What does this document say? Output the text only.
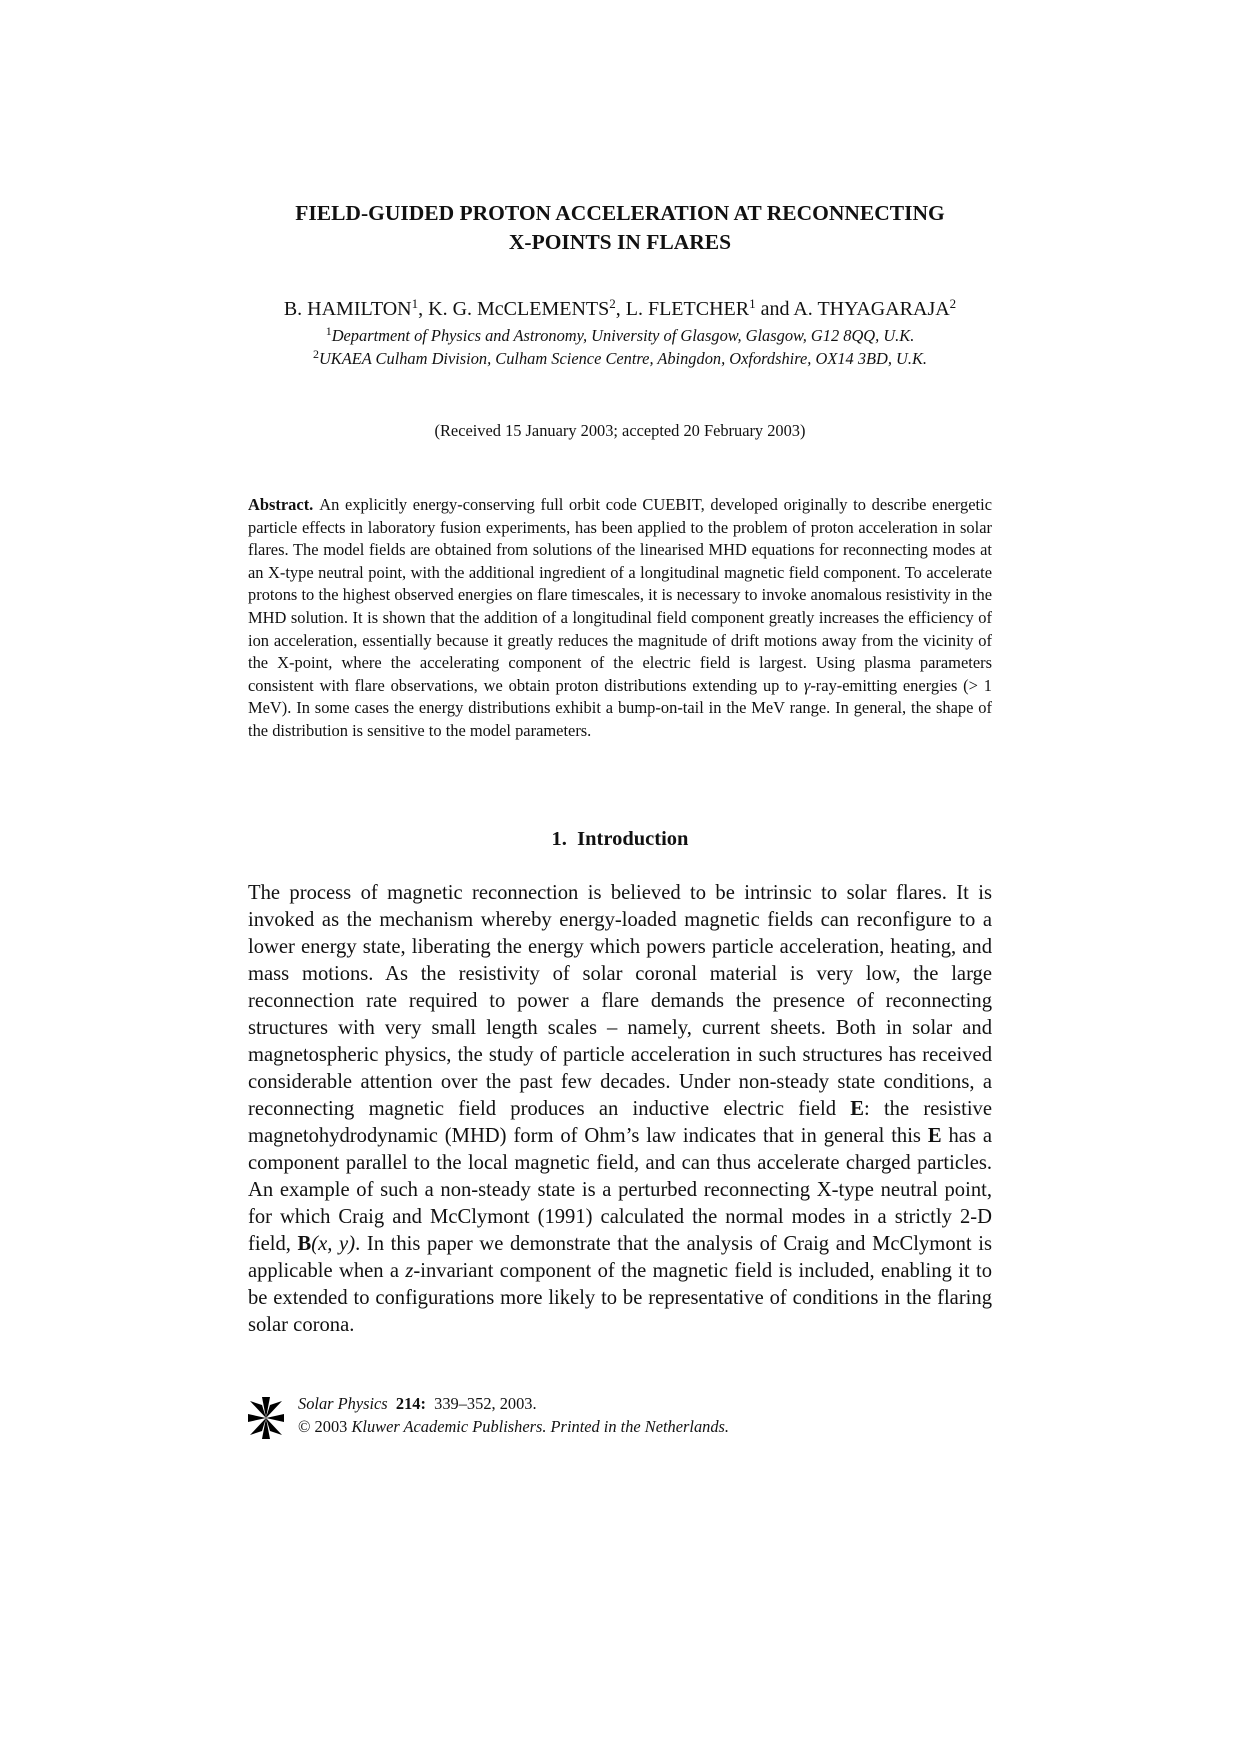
FIELD-GUIDED PROTON ACCELERATION AT RECONNECTING
X-POINTS IN FLARES
B. HAMILTON$^1$, K. G. McCLEMENTS$^2$, L. FLETCHER$^1$ and A. THYAGARAJA$^2$
$^1$Department of Physics and Astronomy, University of Glasgow, Glasgow, G12 8QQ, U.K.
$^2$UKAEA Culham Division, Culham Science Centre, Abingdon, Oxfordshire, OX14 3BD, U.K.
(Received 15 January 2003; accepted 20 February 2003)
Abstract. An explicitly energy-conserving full orbit code CUEBIT, developed originally to describe energetic particle effects in laboratory fusion experiments, has been applied to the problem of proton acceleration in solar flares. The model fields are obtained from solutions of the linearised MHD equations for reconnecting modes at an X-type neutral point, with the additional ingredient of a longitudinal magnetic field component. To accelerate protons to the highest observed energies on flare timescales, it is necessary to invoke anomalous resistivity in the MHD solution. It is shown that the addition of a longitudinal field component greatly increases the efficiency of ion acceleration, essentially because it greatly reduces the magnitude of drift motions away from the vicinity of the X-point, where the accelerating component of the electric field is largest. Using plasma parameters consistent with flare observations, we obtain proton distributions extending up to γ-ray-emitting energies (> 1 MeV). In some cases the energy distributions exhibit a bump-on-tail in the MeV range. In general, the shape of the distribution is sensitive to the model parameters.
1. Introduction
The process of magnetic reconnection is believed to be intrinsic to solar flares. It is invoked as the mechanism whereby energy-loaded magnetic fields can reconfigure to a lower energy state, liberating the energy which powers particle acceleration, heating, and mass motions. As the resistivity of solar coronal material is very low, the large reconnection rate required to power a flare demands the presence of reconnecting structures with very small length scales – namely, current sheets. Both in solar and magnetospheric physics, the study of particle acceleration in such structures has received considerable attention over the past few decades. Under non-steady state conditions, a reconnecting magnetic field produces an inductive electric field E: the resistive magnetohydrodynamic (MHD) form of Ohm’s law indicates that in general this E has a component parallel to the local magnetic field, and can thus accelerate charged particles. An example of such a non-steady state is a perturbed reconnecting X-type neutral point, for which Craig and McClymont (1991) calculated the normal modes in a strictly 2-D field, B(x, y). In this paper we demonstrate that the analysis of Craig and McClymont is applicable when a z-invariant component of the magnetic field is included, enabling it to be extended to configurations more likely to be representative of conditions in the flaring solar corona.
Solar Physics 214: 339–352, 2003.
© 2003 Kluwer Academic Publishers. Printed in the Netherlands.
